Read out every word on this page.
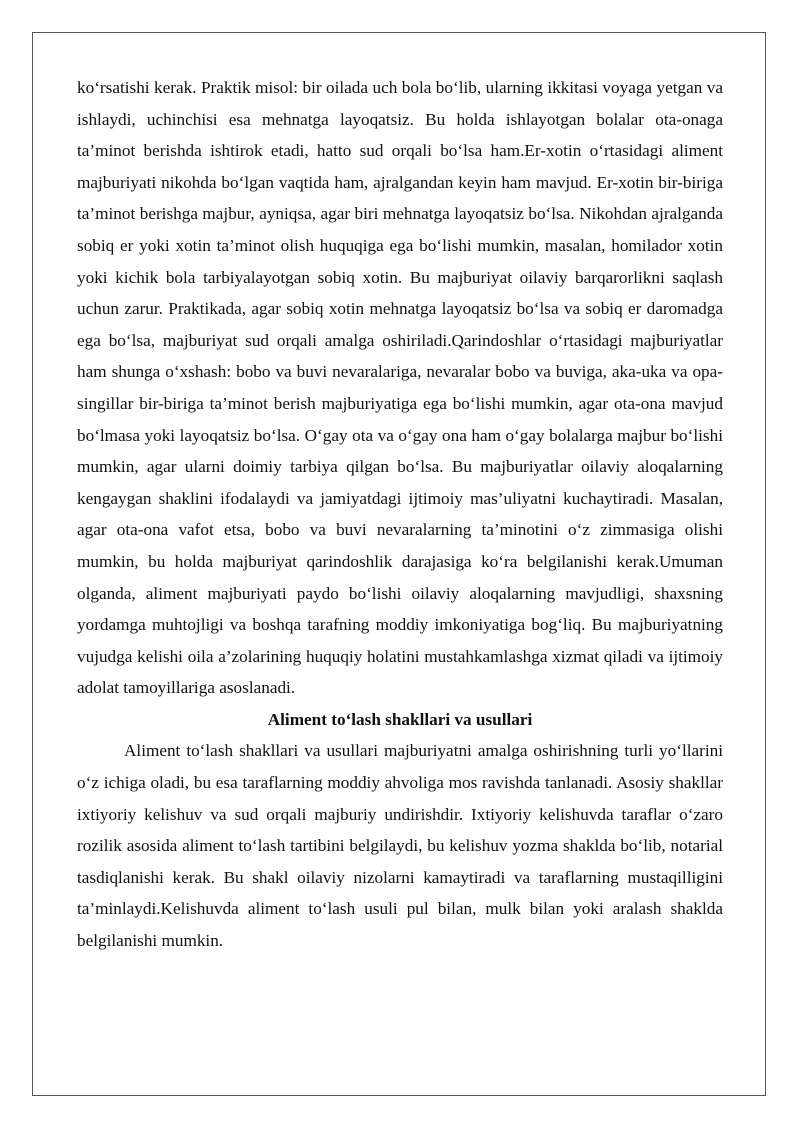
ko‘rsatishi kerak. Praktik misol: bir oilada uch bola bo‘lib, ularning ikkitasi voyaga yetgan va ishlaydi, uchinchisi esa mehnatga layoqatsiz. Bu holda ishlayotgan bolalar ota-onaga ta’minot berishda ishtirok etadi, hatto sud orqali bo‘lsa ham.Er-xotin o‘rtasidagi aliment majburiyati nikohda bo‘lgan vaqtida ham, ajralgandan keyin ham mavjud. Er-xotin bir-biriga ta’minot berishga majbur, ayniqsa, agar biri mehnatga layoqatsiz bo‘lsa. Nikohdan ajralganda sobiq er yoki xotin ta’minot olish huquqiga ega bo‘lishi mumkin, masalan, homilador xotin yoki kichik bola tarbiyalayotgan sobiq xotin. Bu majburiyat oilaviy barqarorlikni saqlash uchun zarur. Praktikada, agar sobiq xotin mehnatga layoqatsiz bo‘lsa va sobiq er daromadga ega bo‘lsa, majburiyat sud orqali amalga oshiriladi.Qarindoshlar o‘rtasidagi majburiyatlar ham shunga o‘xshash: bobo va buvi nevaralariga, nevaralar bobo va buviga, aka-uka va opa-singillar bir-biriga ta’minot berish majburiyatiga ega bo‘lishi mumkin, agar ota-ona mavjud bo‘lmasa yoki layoqatsiz bo‘lsa. O‘gay ota va o‘gay ona ham o‘gay bolalarga majbur bo‘lishi mumkin, agar ularni doimiy tarbiya qilgan bo‘lsa. Bu majburiyatlar oilaviy aloqalarning kengaygan shaklini ifodalaydi va jamiyatdagi ijtimoiy mas’uliyatni kuchaytiradi. Masalan, agar ota-ona vafot etsa, bobo va buvi nevaralarning ta’minotini o‘z zimmasiga olishi mumkin, bu holda majburiyat qarindoshlik darajasiga ko‘ra belgilanishi kerak.Umuman olganda, aliment majburiyati paydo bo‘lishi oilaviy aloqalarning mavjudligi, shaxsning yordamga muhtojligi va boshqa tarafning moddiy imkoniyatiga bog‘liq. Bu majburiyatning vujudga kelishi oila a’zolarining huquqiy holatini mustahkamlashga xizmat qiladi va ijtimoiy adolat tamoyillariga asoslanadi.

Aliment to‘lash shakllari va usullari

Aliment to‘lash shakllari va usullari majburiyatni amalga oshirishning turli yo‘llarini o‘z ichiga oladi, bu esa taraflarning moddiy ahvoliga mos ravishda tanlanadi. Asosiy shakllar ixtiyoriy kelishuv va sud orqali majburiy undirishdir. Ixtiyoriy kelishuvda taraflar o‘zaro rozilik asosida aliment to‘lash tartibini belgilaydi, bu kelishuv yozma shaklda bo‘lib, notarial tasdiqlanishi kerak. Bu shakl oilaviy nizolarni kamaytiradi va taraflarning mustaqilligini ta’minlaydi.Kelishuvda aliment to‘lash usuli pul bilan, mulk bilan yoki aralash shaklda belgilanishi mumkin.
